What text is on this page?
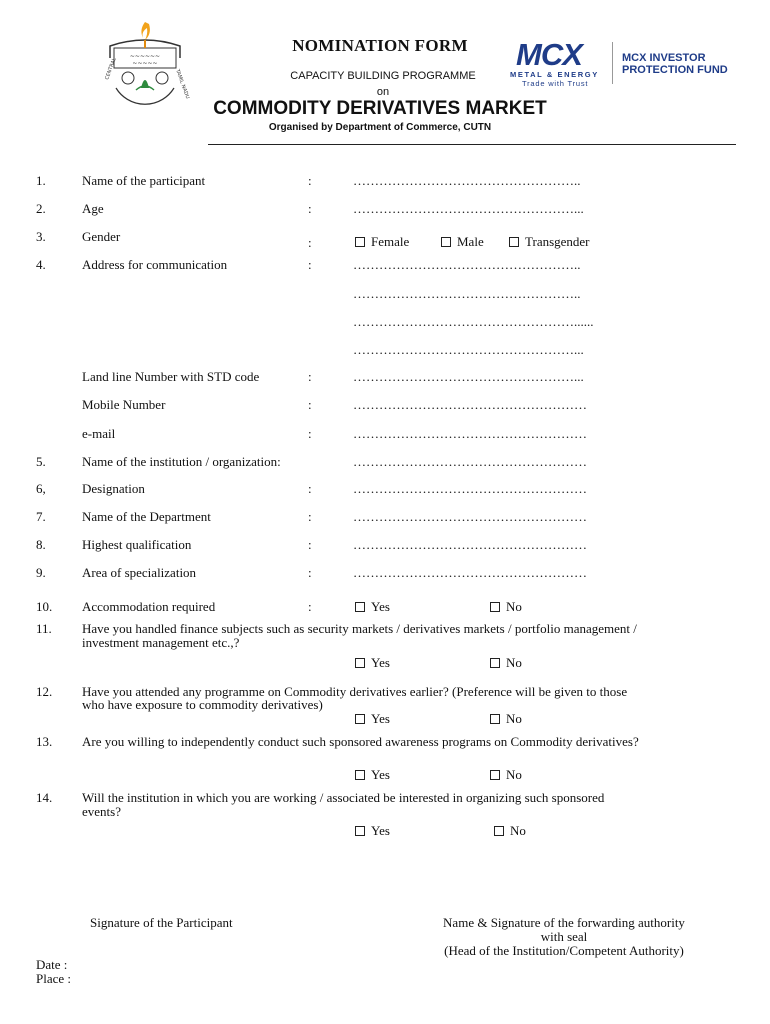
~~~~~~
~~~~~
CENTRAL	TAMIL NADU
NOMINATION FORM
CAPACITY BUILDING PROGRAMME
on
COMMODITY DERIVATIVES MARKET
Organised by Department of Commerce, CUTN
MCX
METAL & ENERGY
Trade with Trust
MCX INVESTOR
PROTECTION FUND
1.	Name of the participant	:	……………………………………………..
2.	Age	:	……………………………………………...
3.	Gender	:	Female	Male	Transgender
4.	Address for communication	:	……………………………………………..
……………………………………………..
……………………………………………......
……………………………………………...
Land line Number with STD code	:	……………………………………………...
Mobile Number	:	………………………………………………
e-mail	:	………………………………………………
5.	Name of the institution / organization:	………………………………………………
6,	Designation	:	………………………………………………
7.	Name of the Department	:	………………………………………………
8.	Highest qualification	:	………………………………………………
9.	Area of specialization	:	………………………………………………
10. Accommodation required	:	Yes	No
11. Have you handled finance subjects such as security markets / derivatives markets / portfolio management /
investment management etc.,?
Yes	No
12. Have you attended any programme on Commodity derivatives earlier? (Preference will be given to those
who have exposure to commodity derivatives)
Yes	No
13. Are you willing to independently conduct such sponsored awareness programs on Commodity derivatives?
Yes	No
14. Will the institution in which you are working / associated be interested in organizing such sponsored
events?
Yes	No
Signature of the Participant	Name & Signature of the forwarding authority
with seal
(Head of the Institution/Competent Authority)
Date :
Place :
